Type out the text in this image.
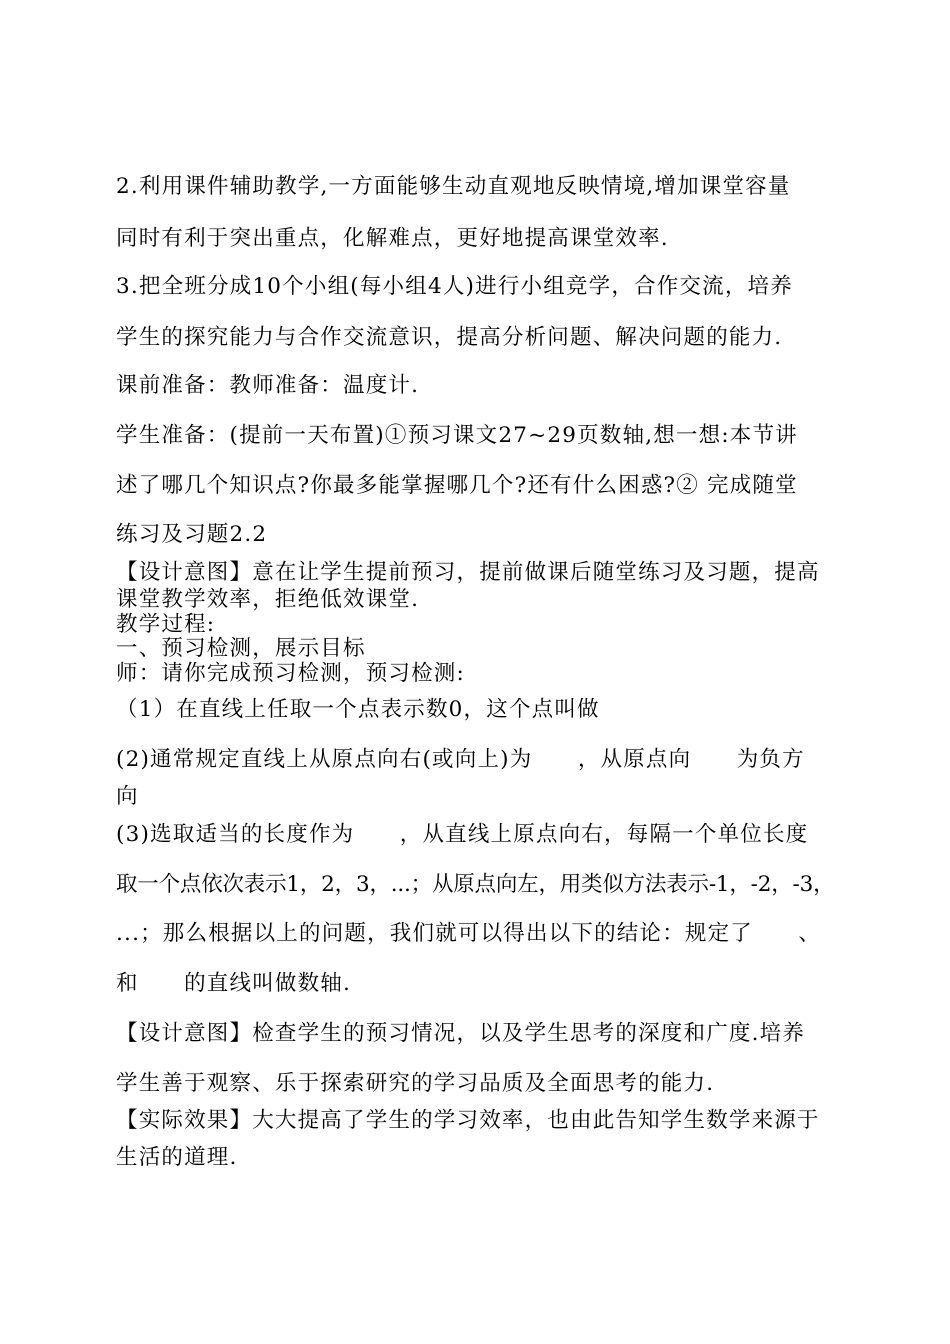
2.利用课件辅助教学,一方面能够生动直观地反映情境,增加课堂容量
同时有利于突出重点，化解难点，更好地提高课堂效率.
3.把全班分成10个小组(每小组4人)进行小组竞学，合作交流，培养
学生的探究能力与合作交流意识，提高分析问题、解决问题的能力.
课前准备：教师准备：温度计.
学生准备：(提前一天布置)①预习课文27~29页数轴,想一想:本节讲
述了哪几个知识点?你最多能掌握哪几个?还有什么困惑?② 完成随堂
练习及习题2.2
【设计意图】意在让学生提前预习，提前做课后随堂练习及习题，提高
课堂教学效率，拒绝低效课堂.
教学过程:
一、预习检测，展示目标
师：请你完成预习检测，预习检测:
（1）在直线上任取一个点表示数0，这个点叫做
(2)通常规定直线上从原点向右(或向上)为　　，从原点向　　为负方
向
(3)选取适当的长度作为　　，从直线上原点向右，每隔一个单位长度
取一个点依次表示1，2，3，...；从原点向左，用类似方法表示-1，-2，-3，
...；那么根据以上的问题，我们就可以得出以下的结论：规定了　　、
和　　的直线叫做数轴.
【设计意图】检查学生的预习情况，以及学生思考的深度和广度.培养
学生善于观察、乐于探索研究的学习品质及全面思考的能力.
【实际效果】大大提高了学生的学习效率，也由此告知学生数学来源于
生活的道理.
